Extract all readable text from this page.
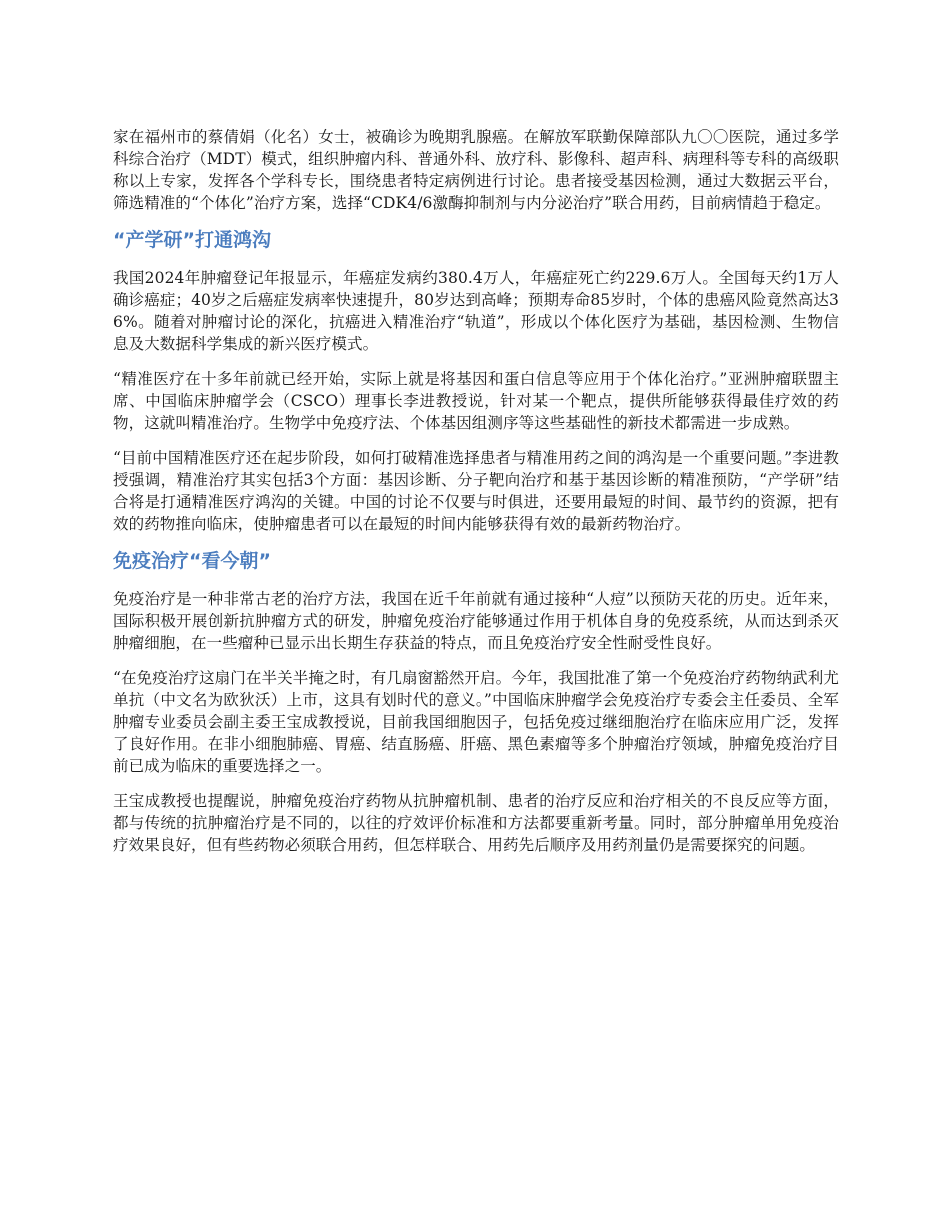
家在福州市的蔡倩娟（化名）女士，被确诊为晚期乳腺癌。在解放军联勤保障部队九〇〇医院，通过多学科综合治疗（MDT）模式，组织肿瘤内科、普通外科、放疗科、影像科、超声科、病理科等专科的高级职称以上专家，发挥各个学科专长，围绕患者特定病例进行讨论。患者接受基因检测，通过大数据云平台，筛选精准的“个体化”治疗方案，选择“CDK4/6激酶抑制剂与内分泌治疗”联合用药，目前病情趋于稳定。

“产学研”打通鸿沟

我国2024年肿瘤登记年报显示，年癌症发病约380.4万人，年癌症死亡约229.6万人。全国每天约1万人确诊癌症；40岁之后癌症发病率快速提升，80岁达到高峰；预期寿命85岁时，个体的患癌风险竟然高达36%。随着对肿瘤讨论的深化，抗癌进入精准治疗“轨道”，形成以个体化医疗为基础，基因检测、生物信息及大数据科学集成的新兴医疗模式。

“精准医疗在十多年前就已经开始，实际上就是将基因和蛋白信息等应用于个体化治疗。”亚洲肿瘤联盟主席、中国临床肿瘤学会（CSCO）理事长李进教授说，针对某一个靶点，提供所能够获得最佳疗效的药物，这就叫精准治疗。生物学中免疫疗法、个体基因组测序等这些基础性的新技术都需进一步成熟。

“目前中国精准医疗还在起步阶段，如何打破精准选择患者与精准用药之间的鸿沟是一个重要问题。”李进教授强调，精准治疗其实包括3个方面：基因诊断、分子靶向治疗和基于基因诊断的精准预防，“产学研”结合将是打通精准医疗鸿沟的关键。中国的讨论不仅要与时俱进，还要用最短的时间、最节约的资源，把有效的药物推向临床，使肿瘤患者可以在最短的时间内能够获得有效的最新药物治疗。

免疫治疗“看今朝”

免疫治疗是一种非常古老的治疗方法，我国在近千年前就有通过接种“人痘”以预防天花的历史。近年来，国际积极开展创新抗肿瘤方式的研发，肿瘤免疫治疗能够通过作用于机体自身的免疫系统，从而达到杀灭肿瘤细胞，在一些瘤种已显示出长期生存获益的特点，而且免疫治疗安全性耐受性良好。

“在免疫治疗这扇门在半关半掩之时，有几扇窗豁然开启。今年，我国批准了第一个免疫治疗药物纳武利尤单抗（中文名为欧狄沃）上市，这具有划时代的意义。”中国临床肿瘤学会免疫治疗专委会主任委员、全军肿瘤专业委员会副主委王宝成教授说，目前我国细胞因子，包括免疫过继细胞治疗在临床应用广泛，发挥了良好作用。在非小细胞肺癌、胃癌、结直肠癌、肝癌、黑色素瘤等多个肿瘤治疗领域，肿瘤免疫治疗目前已成为临床的重要选择之一。

王宝成教授也提醒说，肿瘤免疫治疗药物从抗肿瘤机制、患者的治疗反应和治疗相关的不良反应等方面，都与传统的抗肿瘤治疗是不同的，以往的疗效评价标准和方法都要重新考量。同时，部分肿瘤单用免疫治疗效果良好，但有些药物必须联合用药，但怎样联合、用药先后顺序及用药剂量仍是需要探究的问题。
